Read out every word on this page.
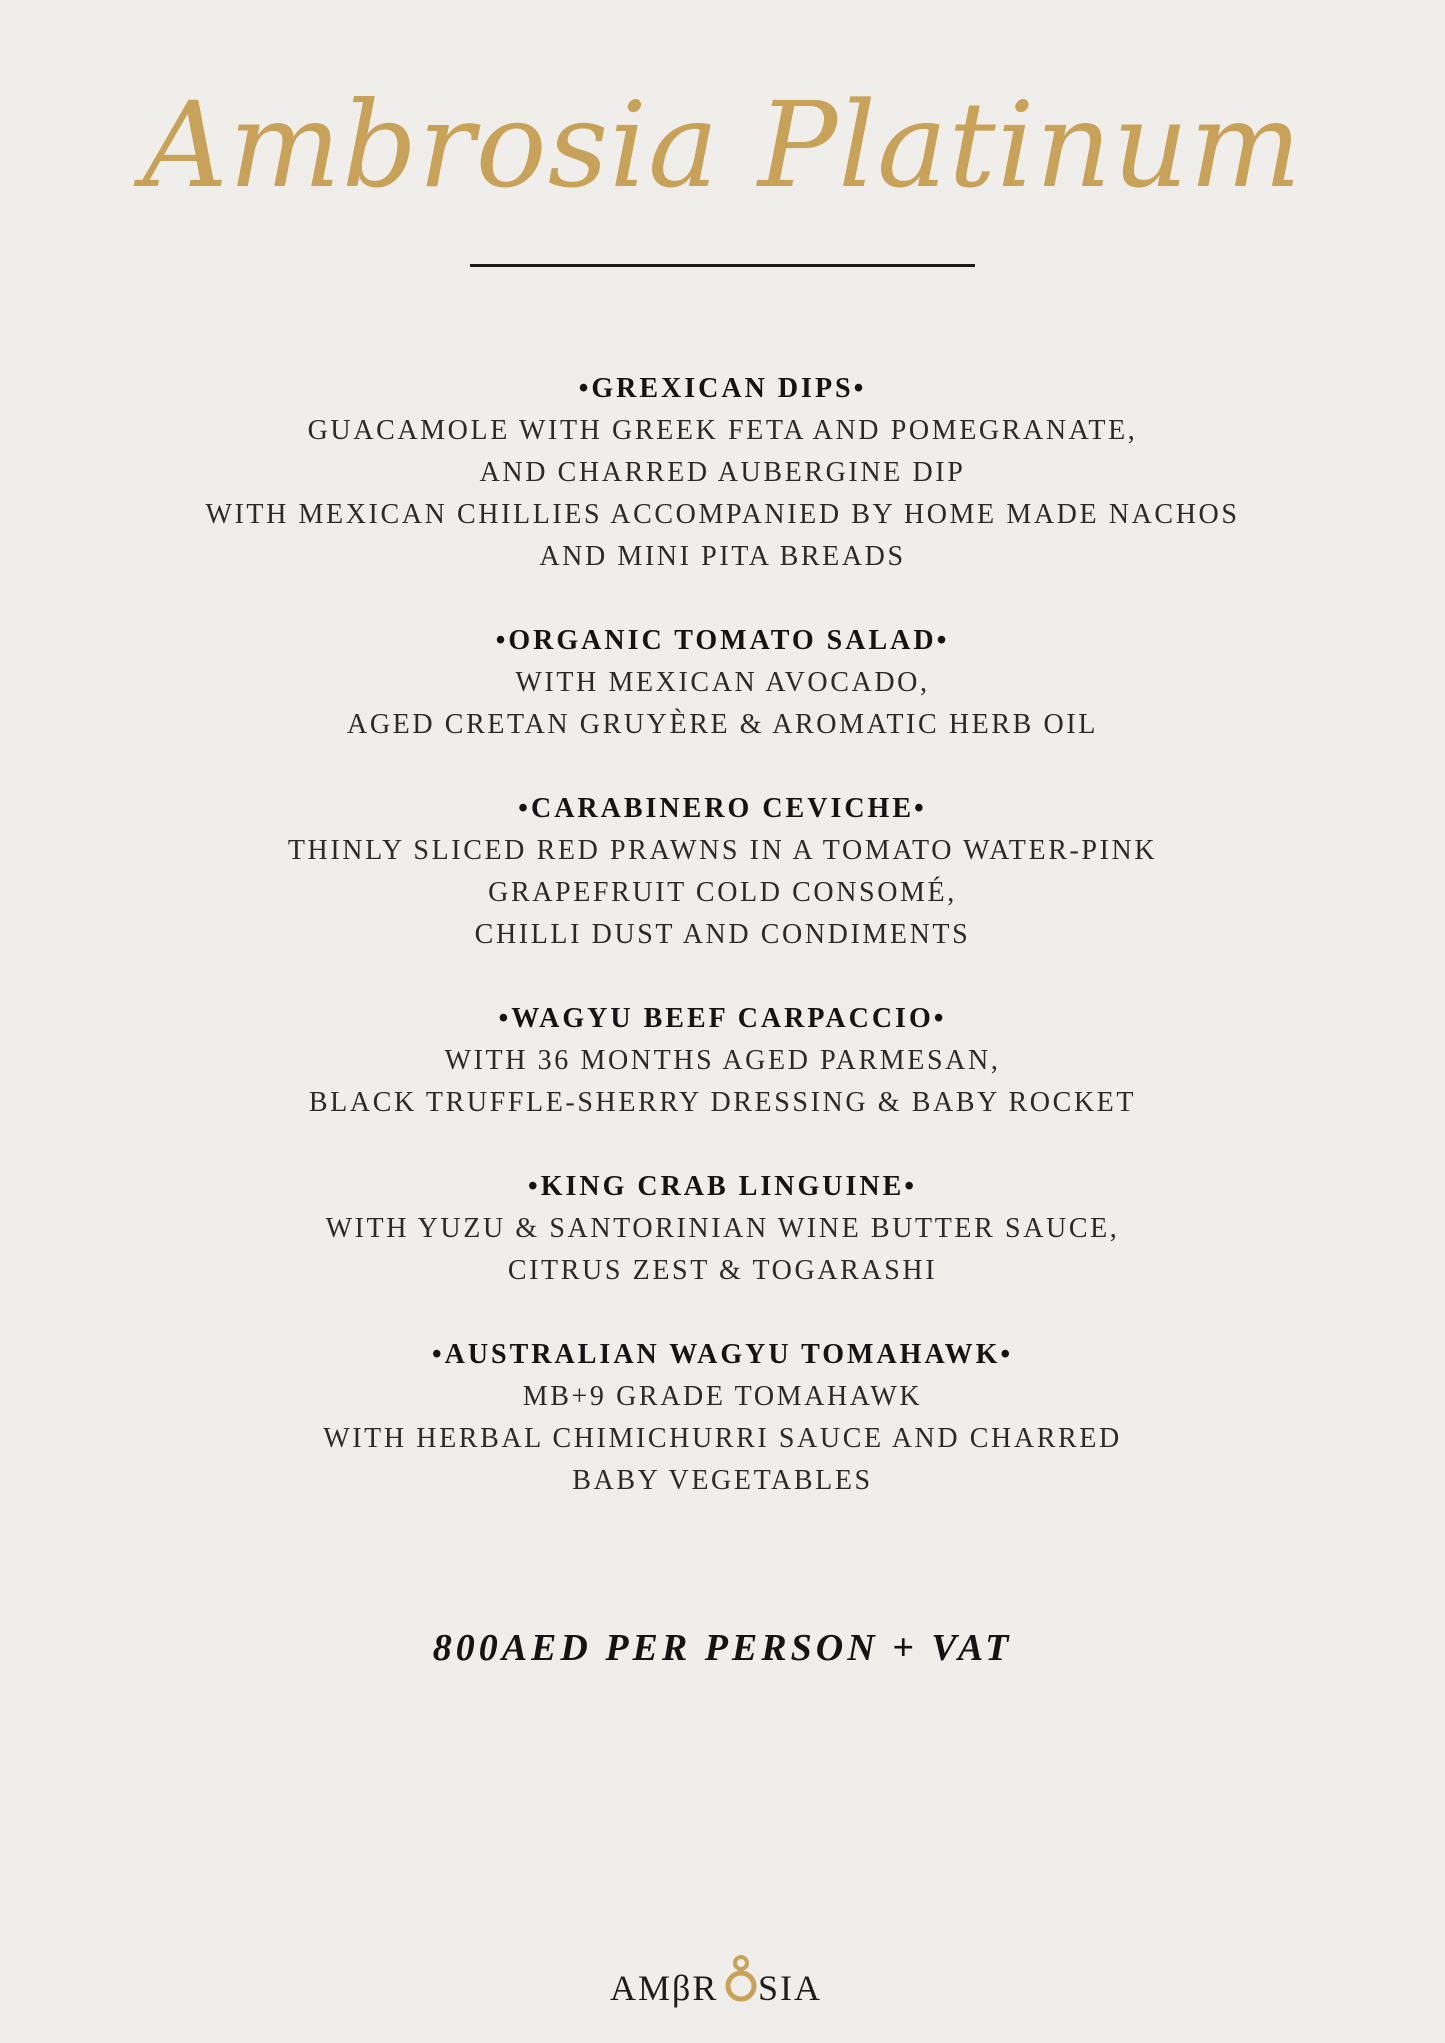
Ambrosia Platinum
•GREXICAN DIPS•
GUACAMOLE WITH GREEK FETA AND POMEGRANATE,
AND CHARRED AUBERGINE DIP
WITH MEXICAN CHILLIES ACCOMPANIED BY HOME MADE NACHOS
AND MINI PITA BREADS
•ORGANIC TOMATO SALAD•
WITH MEXICAN AVOCADO,
AGED CRETAN GRUYÈRE & AROMATIC HERB OIL
•CARABINERO CEVICHE•
THINLY SLICED RED PRAWNS IN A TOMATO WATER-PINK
GRAPEFRUIT COLD CONSOMÉ,
CHILLI DUST AND CONDIMENTS
•WAGYU BEEF CARPACCIO•
WITH 36 MONTHS AGED PARMESAN,
BLACK TRUFFLE-SHERRY DRESSING & BABY ROCKET
•KING CRAB LINGUINE•
WITH YUZU & SANTORINIAN WINE BUTTER SAUCE,
CITRUS ZEST & TOGARASHI
•AUSTRALIAN WAGYU TOMAHAWK•
MB+9 GRADE TOMAHAWK
WITH HERBAL CHIMICHURRI SAUCE AND CHARRED
BABY VEGETABLES
800AED PER PERSON + VAT
AMβR SIA
